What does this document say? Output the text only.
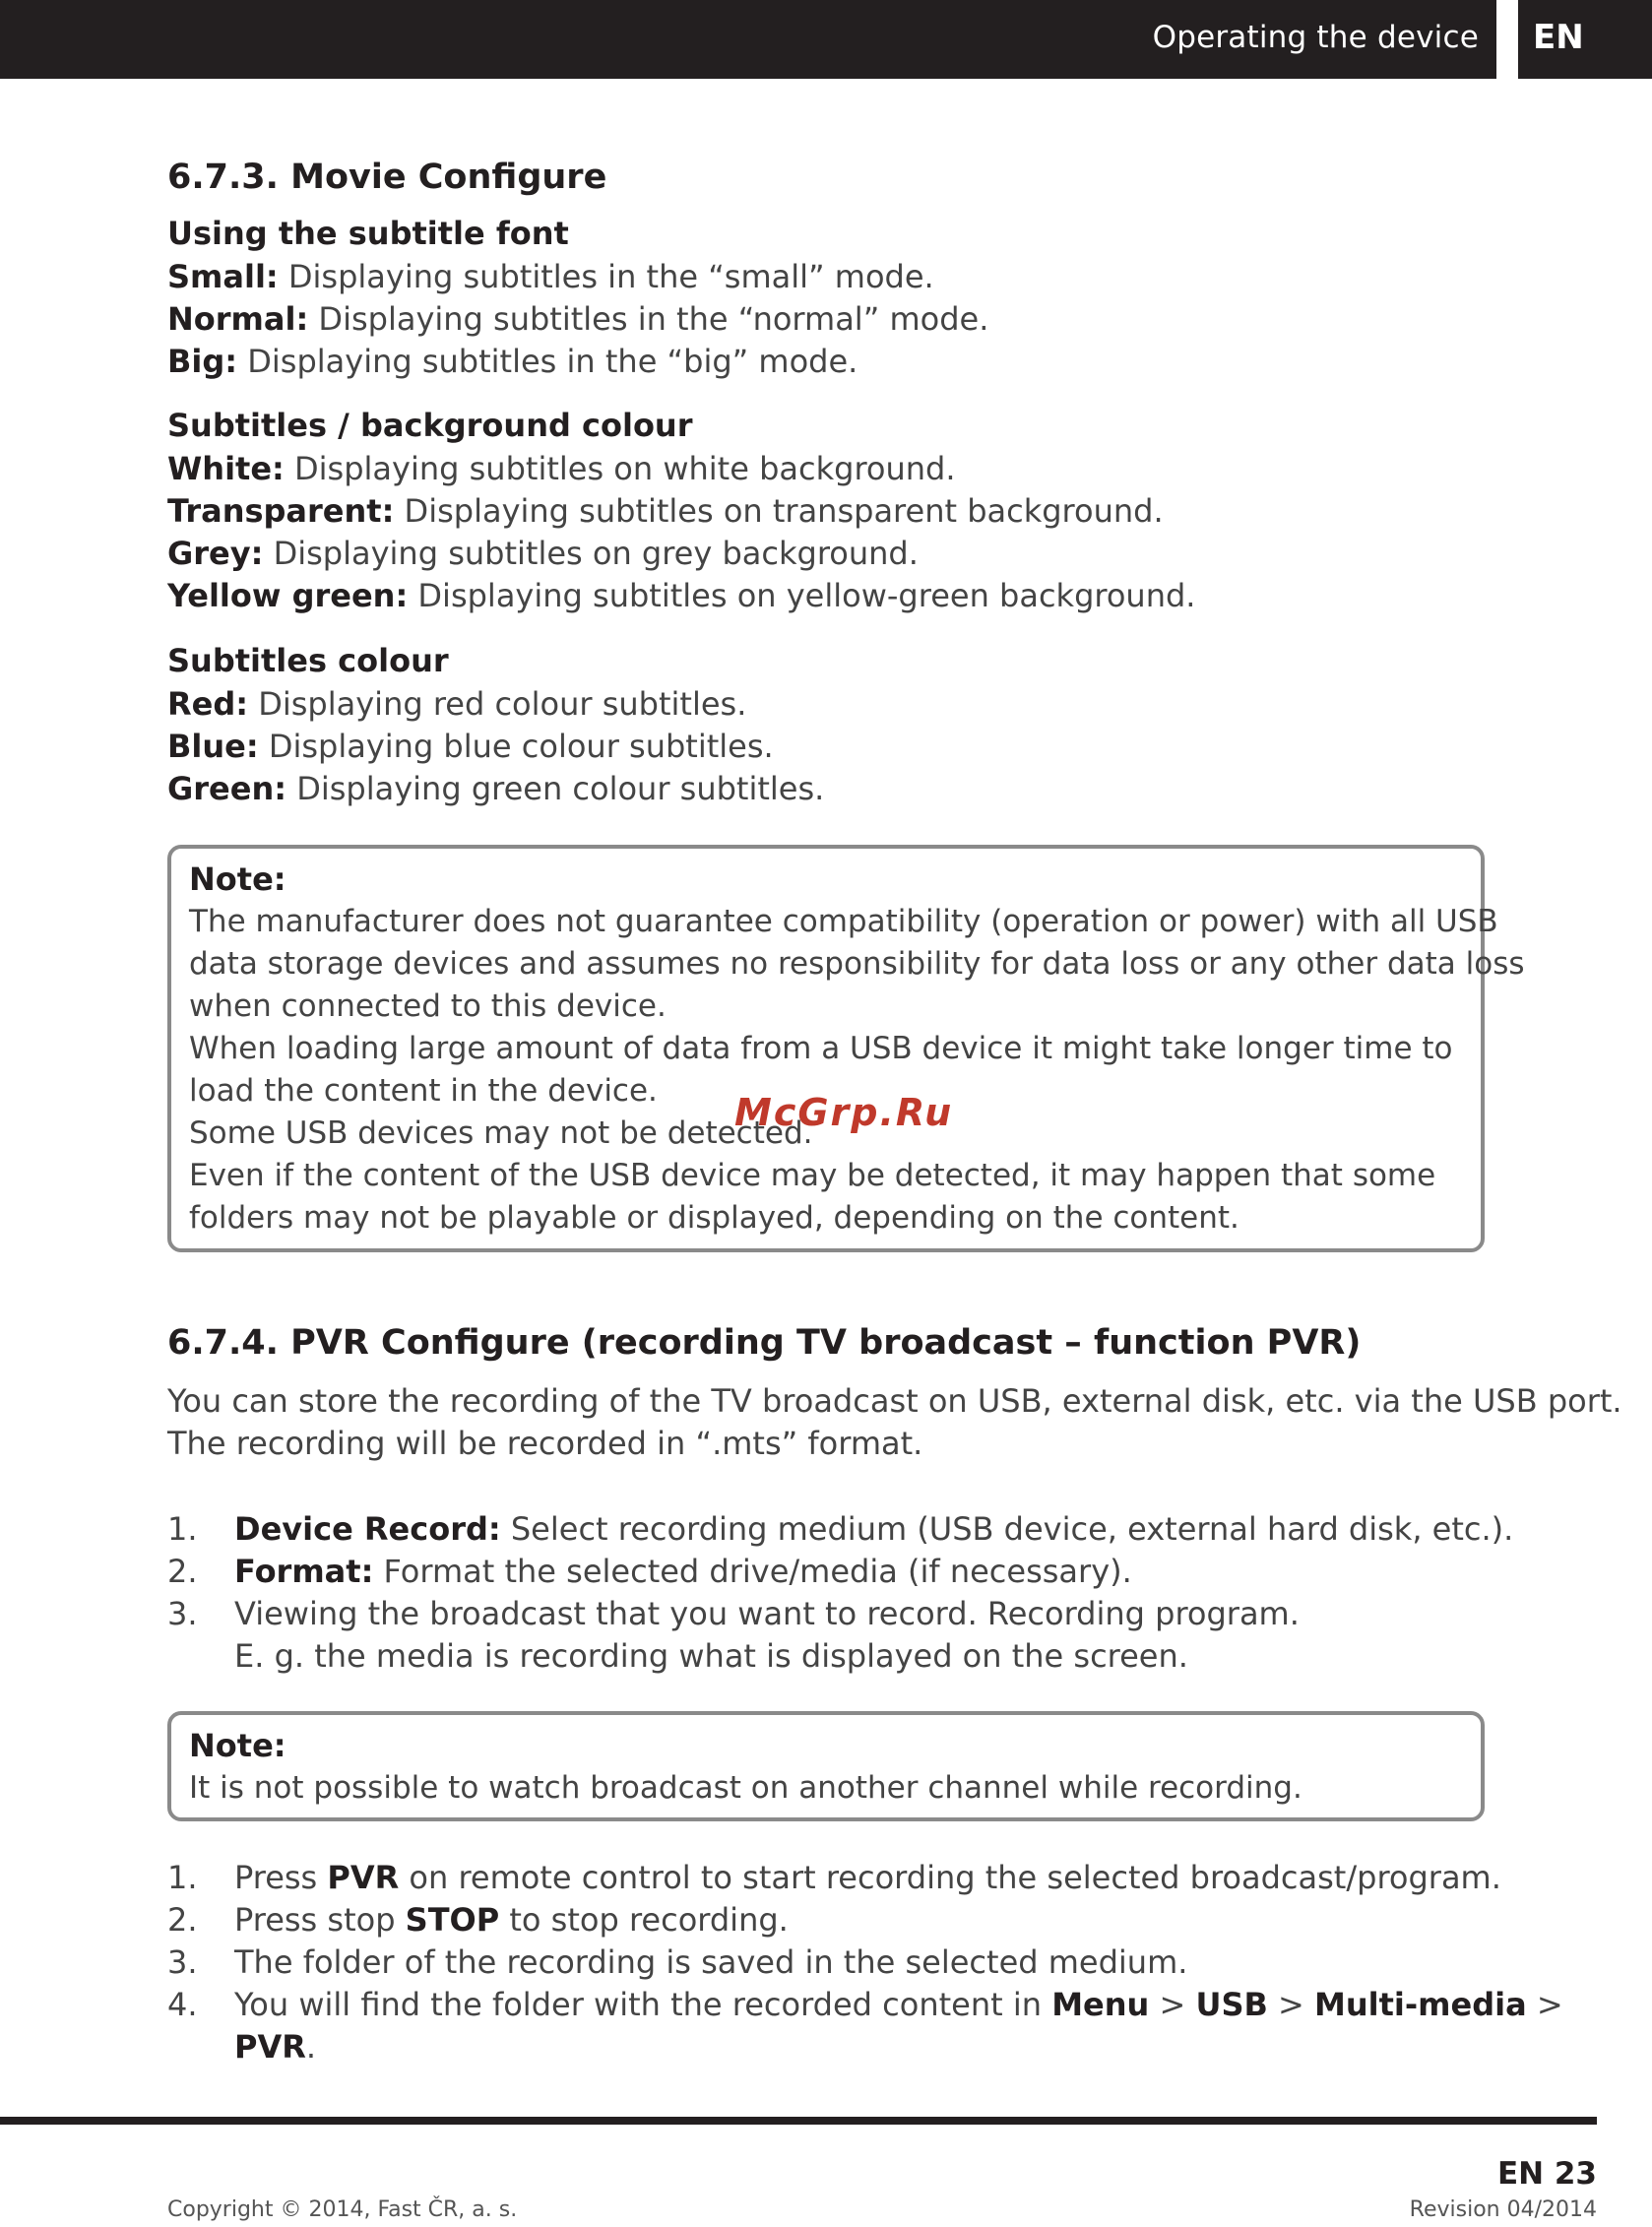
Operating the device	EN
6.7.3. Movie Configure
Using the subtitle font
Small: Displaying subtitles in the “small” mode.
Normal: Displaying subtitles in the “normal” mode.
Big: Displaying subtitles in the “big” mode.
Subtitles / background colour
White: Displaying subtitles on white background.
Transparent: Displaying subtitles on transparent background.
Grey: Displaying subtitles on grey background.
Yellow green: Displaying subtitles on yellow-green background.
Subtitles colour
Red: Displaying red colour subtitles.
Blue: Displaying blue colour subtitles.
Green: Displaying green colour subtitles.
Note:
The manufacturer does not guarantee compatibility (operation or power) with all USB
data storage devices and assumes no responsibility for data loss or any other data loss
when connected to this device.
When loading large amount of data from a USB device it might take longer time to
load the content in the device.
Some USB devices may not be detected.
Even if the content of the USB device may be detected, it may happen that some
folders may not be playable or displayed, depending on the content.
6.7.4. PVR Configure (recording TV broadcast – function PVR)
You can store the recording of the TV broadcast on USB, external disk, etc. via the USB port.
The recording will be recorded in “.mts” format.
1. Device Record: Select recording medium (USB device, external hard disk, etc.).
2. Format: Format the selected drive/media (if necessary).
3. Viewing the broadcast that you want to record. Recording program.
E. g. the media is recording what is displayed on the screen.
Note:
It is not possible to watch broadcast on another channel while recording.
1. Press PVR on remote control to start recording the selected broadcast/program.
2. Press stop STOP to stop recording.
3. The folder of the recording is saved in the selected medium.
4. You will find the folder with the recorded content in Menu > USB > Multi-media >
PVR.
McGrp.Ru
EN 23
Copyright © 2014, Fast ČR, a. s.	Revision 04/2014
